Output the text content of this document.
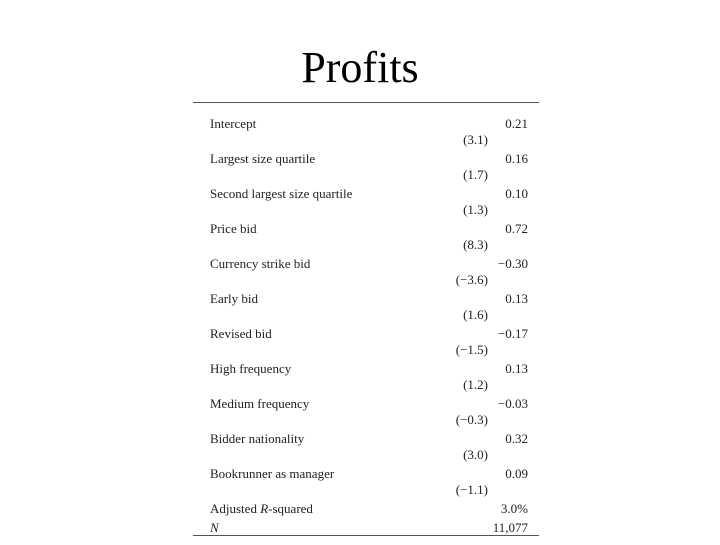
Profits
Intercept	0.21
(3.1)
Largest size quartile	0.16
(1.7)
Second largest size quartile	0.10
(1.3)
Price bid	0.72
(8.3)
Currency strike bid	−0.30
(−3.6)
Early bid	0.13
(1.6)
Revised bid	−0.17
(−1.5)
High frequency	0.13
(1.2)
Medium frequency	−0.03
(−0.3)
Bidder nationality	0.32
(3.0)
Bookrunner as manager	0.09
(−1.1)
Adjusted R-squared	3.0%
N	11,077
